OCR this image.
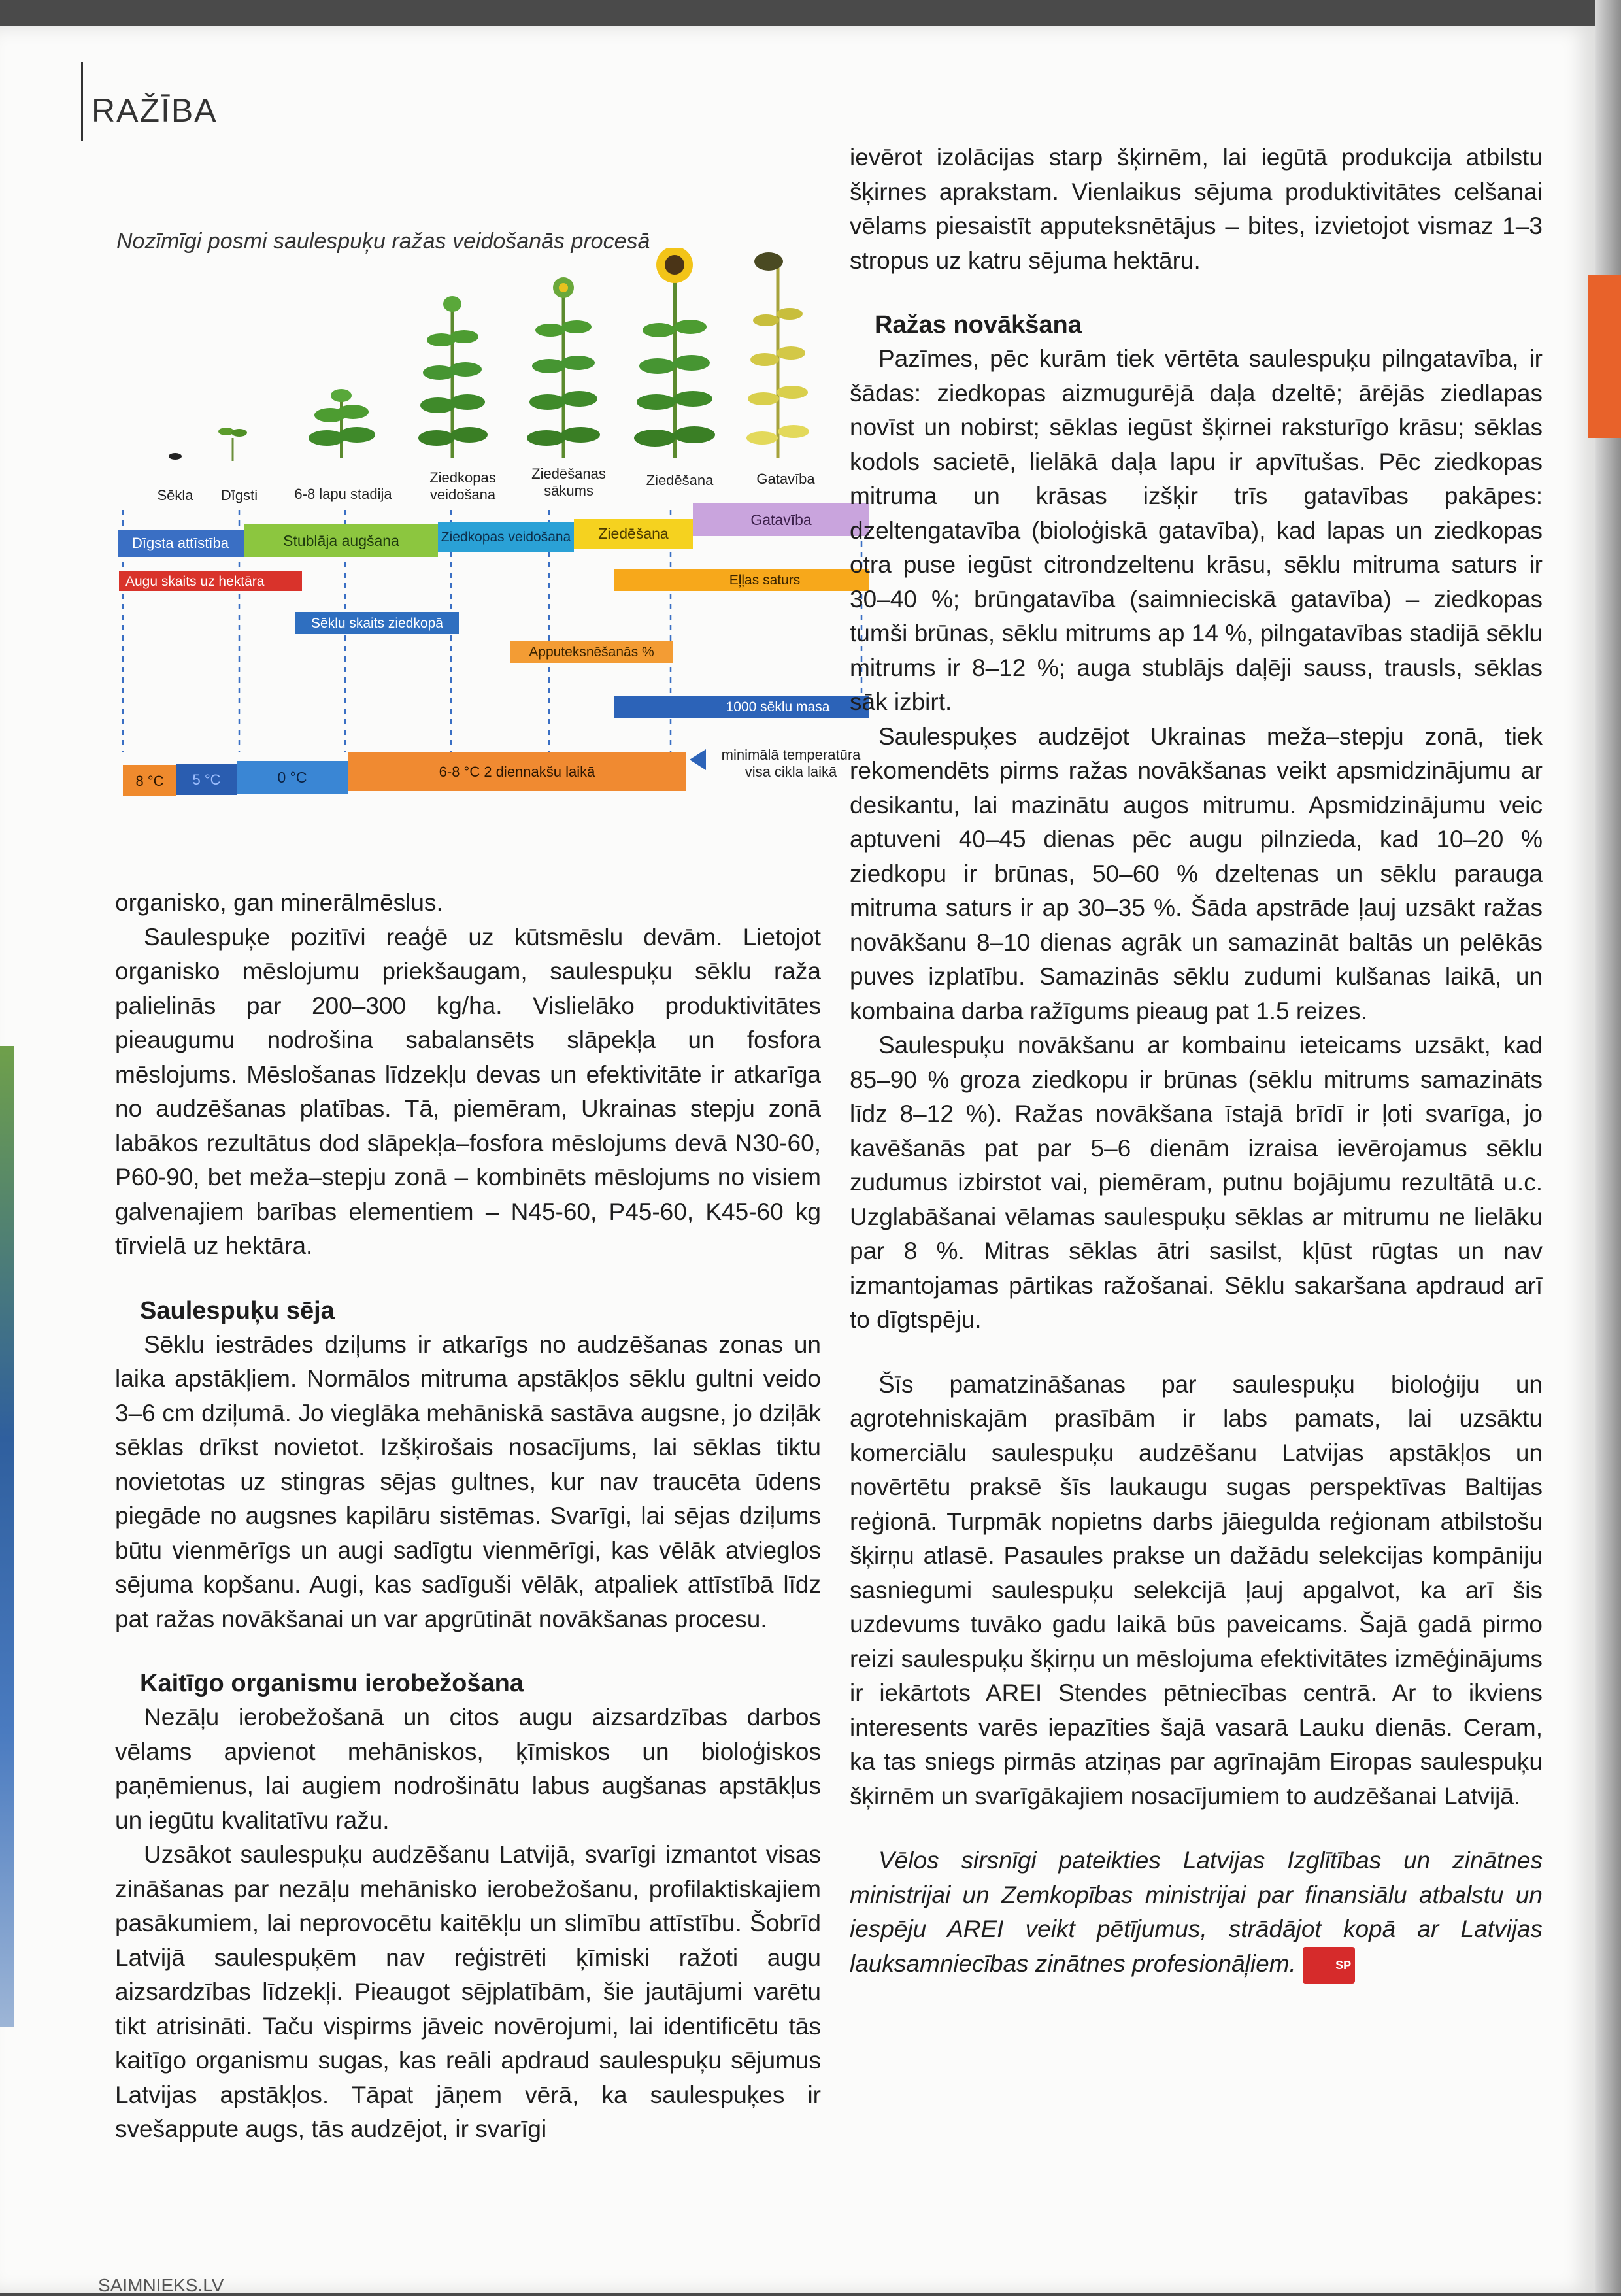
RAŽĪBA
Nozīmīgi posmi saulespuķu ražas veidošanās procesā
Sēkla Dīgsti	6-8 lapu stadija
Ziedkopas
veidošana
Ziedēšanas
sākums
Ziedēšana	Gatavība
Dīgsta attīstība	Stublāja augšana	Ziedkopas veidošana Ziedēšana
Gatavība
Augu skaits uz hektāra	Eļļas saturs
Sēklu skaits ziedkopā
Apputeksnēšanās %
1000 sēklu masa
8 °C 5 °C	0 °C	6-8 °C 2 diennakšu laikā
minimālā temperatūra
visa cikla laikā

organisko, gan minerālmēslus.

Saulespuķe pozitīvi reaģē uz kūtsmēslu devām. Lietojot organisko mēslojumu priekšaugam, saulespuķu sēklu raža palielinās par 200–300 kg/ha. Vislielāko produktivitātes pieaugumu nodrošina sabalansēts slāpekļa un fosfora mēslojums. Mēslošanas līdzekļu devas un efektivitāte ir atkarīga no audzēšanas platības. Tā, piemēram, Ukrainas stepju zonā labākos rezultātus dod slāpekļa–fosfora mēslojums devā N30-60, P60-90, bet meža–stepju zonā – kombinēts mēslojums no visiem galvenajiem barības elementiem – N45-60, P45-60, K45-60 kg tīrvielā uz hektāra.

Saulespuķu sēja

Sēklu iestrādes dziļums ir atkarīgs no audzēšanas zonas un laika apstākļiem. Normālos mitruma apstākļos sēklu gultni veido 3–6 cm dziļumā. Jo vieglāka mehāniskā sastāva augsne, jo dziļāk sēklas drīkst novietot. Izšķirošais nosacījums, lai sēklas tiktu novietotas uz stingras sējas gultnes, kur nav traucēta ūdens piegāde no augsnes kapilāru sistēmas. Svarīgi, lai sējas dziļums būtu vienmērīgs un augi sadīgtu vienmērīgi, kas vēlāk atvieglos sējuma kopšanu. Augi, kas sadīguši vēlāk, atpaliek attīstībā līdz pat ražas novākšanai un var apgrūtināt novākšanas procesu.

Kaitīgo organismu ierobežošana

Nezāļu ierobežošanā un citos augu aizsardzības darbos vēlams apvienot mehāniskos, ķīmiskos un bioloģiskos paņēmienus, lai augiem nodrošinātu labus augšanas apstākļus un iegūtu kvalitatīvu ražu.

Uzsākot saulespuķu audzēšanu Latvijā, svarīgi izmantot visas zināšanas par nezāļu mehānisko ierobežošanu, profilaktiskajiem pasākumiem, lai neprovocētu kaitēkļu un slimību attīstību. Šobrīd Latvijā saulespuķēm nav reģistrēti ķīmiski ražoti augu aizsardzības līdzekļi. Pieaugot sējplatībām, šie jautājumi varētu tikt atrisināti. Taču vispirms jāveic novērojumi, lai identificētu tās kaitīgo organismu sugas, kas reāli apdraud saulespuķu sējumus Latvijas apstākļos. Tāpat jāņem vērā, ka saulespuķes ir svešappute augs, tās audzējot, ir svarīgi

ievērot izolācijas starp šķirnēm, lai iegūtā produkcija atbilstu šķirnes aprakstam. Vienlaikus sējuma produktivitātes celšanai vēlams piesaistīt apputeksnētājus – bites, izvietojot vismaz 1–3 stropus uz katru sējuma hektāru.

Ražas novākšana

Pazīmes, pēc kurām tiek vērtēta saulespuķu pilngatavība, ir šādas: ziedkopas aizmugurējā daļa dzeltē; ārējās ziedlapas novīst un nobirst; sēklas iegūst šķirnei raksturīgo krāsu; sēklas kodols sacietē, lielākā daļa lapu ir apvītušas. Pēc ziedkopas mitruma un krāsas izšķir trīs gatavības pakāpes: dzeltengatavība (bioloģiskā gatavība), kad lapas un ziedkopas otra puse iegūst citrondzeltenu krāsu, sēklu mitruma saturs ir 30–40 %; brūngatavība (saimnieciskā gatavība) – ziedkopas tumši brūnas, sēklu mitrums ap 14 %, pilngatavības stadijā sēklu mitrums ir 8–12 %; auga stublājs daļēji sauss, trausls, sēklas sāk izbirt.

Saulespuķes audzējot Ukrainas meža–stepju zonā, tiek rekomendēts pirms ražas novākšanas veikt apsmidzinājumu ar desikantu, lai mazinātu augos mitrumu. Apsmidzinājumu veic aptuveni 40–45 dienas pēc augu pilnzieda, kad 10–20 % ziedkopu ir brūnas, 50–60 % dzeltenas un sēklu parauga mitruma saturs ir ap 30–35 %. Šāda apstrāde ļauj uzsākt ražas novākšanu 8–10 dienas agrāk un samazināt baltās un pelēkās puves izplatību. Samazinās sēklu zudumi kulšanas laikā, un kombaina darba ražīgums pieaug pat 1.5 reizes.

Saulespuķu novākšanu ar kombainu ieteicams uzsākt, kad 85–90 % groza ziedkopu ir brūnas (sēklu mitrums samazināts līdz 8–12 %). Ražas novākšana īstajā brīdī ir ļoti svarīga, jo kavēšanās pat par 5–6 dienām izraisa ievērojamus sēklu zudumus izbirstot vai, piemēram, putnu bojājumu rezultātā u.c. Uzglabāšanai vēlamas saulespuķu sēklas ar mitrumu ne lielāku par 8 %. Mitras sēklas ātri sasilst, kļūst rūgtas un nav izmantojamas pārtikas ražošanai. Sēklu sakaršana apdraud arī to dīgtspēju.

Šīs pamatzināšanas par saulespuķu bioloģiju un agrotehniskajām prasībām ir labs pamats, lai uzsāktu komerciālu saulespuķu audzēšanu Latvijas apstākļos un novērtētu praksē šīs laukaugu sugas perspektīvas Baltijas reģionā. Turpmāk nopietns darbs jāiegulda reģionam atbilstošu šķirņu atlasē. Pasaules prakse un dažādu selekcijas kompāniju sasniegumi saulespuķu selekcijā ļauj apgalvot, ka arī šis uzdevums tuvāko gadu laikā būs paveicams. Šajā gadā pirmo reizi saulespuķu šķirņu un mēslojuma efektivitātes izmēģinājums ir iekārtots AREI Stendes pētniecības centrā. Ar to ikviens interesents varēs iepazīties šajā vasarā Lauku dienās. Ceram, ka tas sniegs pirmās atziņas par agrīnajām Eiropas saulespuķu šķirnēm un svarīgākajiem nosacījumiem to audzēšanai Latvijā.

Vēlos sirsnīgi pateikties Latvijas Izglītības un zinātnes ministrijai un Zemkopības ministrijai par finansiālu atbalstu un iespēju AREI veikt pētījumus, strādājot kopā ar Latvijas lauksamniecības zinātnes profesionāļiem.	SP

SAIMNIEKS.LV
